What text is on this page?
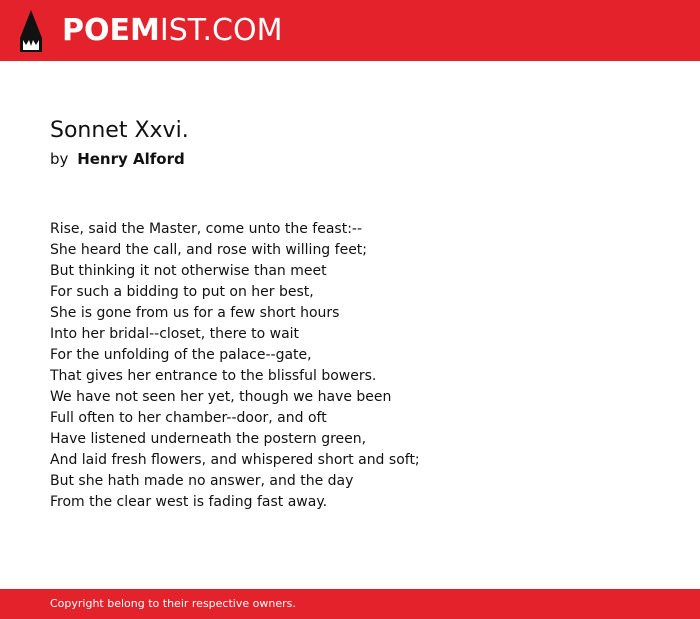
POEMIST.COM
Sonnet Xxvi.
by Henry Alford
Rise, said the Master, come unto the feast:--
She heard the call, and rose with willing feet;
But thinking it not otherwise than meet
For such a bidding to put on her best,
She is gone from us for a few short hours
Into her bridal--closet, there to wait
For the unfolding of the palace--gate,
That gives her entrance to the blissful bowers.
We have not seen her yet, though we have been
Full often to her chamber--door, and oft
Have listened underneath the postern green,
And laid fresh flowers, and whispered short and soft;
But she hath made no answer, and the day
From the clear west is fading fast away.
Copyright belong to their respective owners.
